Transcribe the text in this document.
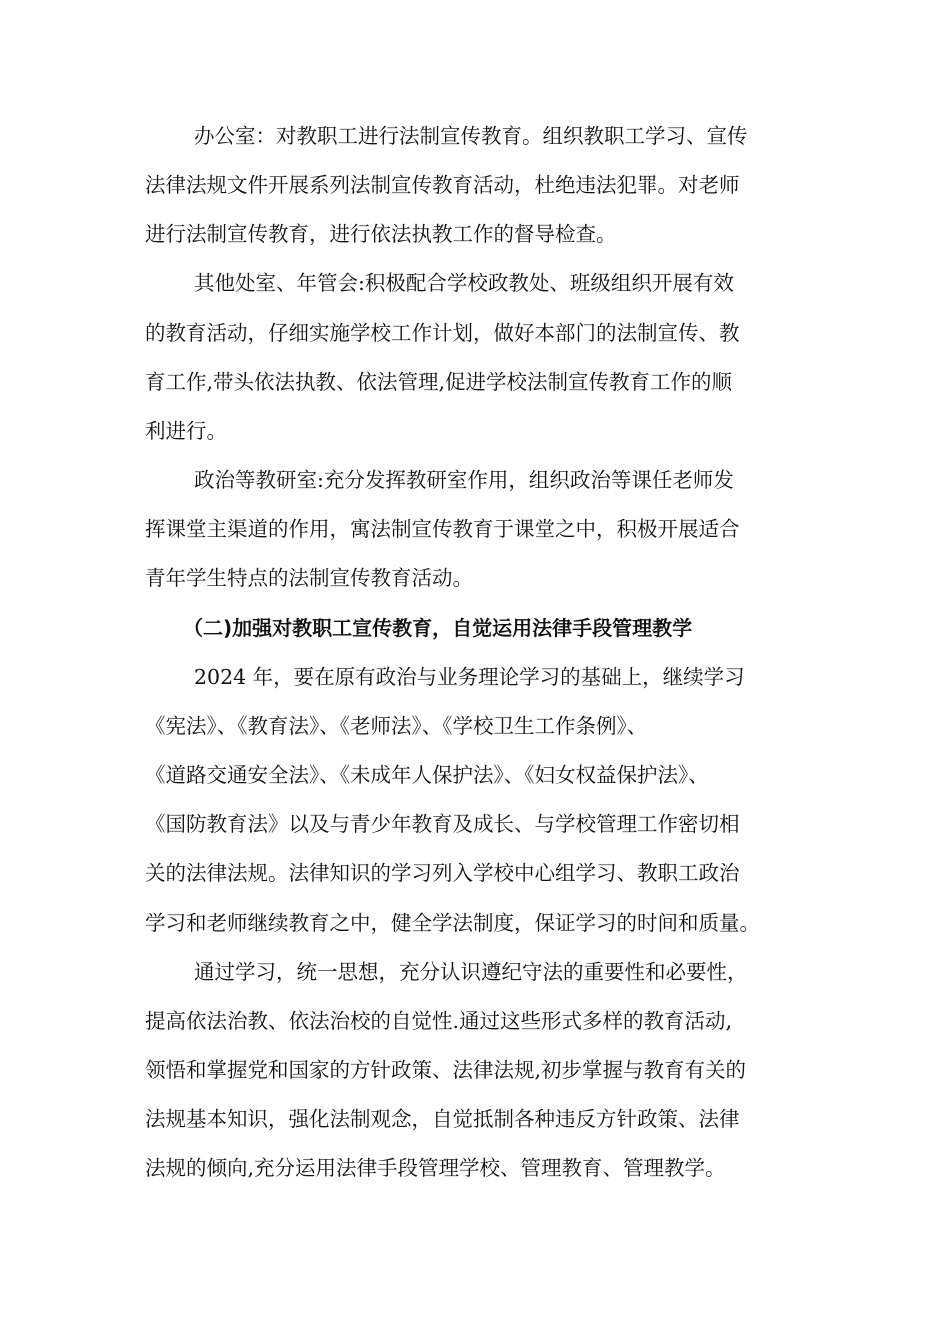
办公室：对教职工进行法制宣传教育。组织教职工学习、宣传
法律法规文件开展系列法制宣传教育活动，杜绝违法犯罪。对老师
进行法制宣传教育，进行依法执教工作的督导检查。
其他处室、年管会:积极配合学校政教处、班级组织开展有效
的教育活动，仔细实施学校工作计划，做好本部门的法制宣传、教
育工作,带头依法执教、依法管理,促进学校法制宣传教育工作的顺
利进行。
政治等教研室:充分发挥教研室作用，组织政治等课任老师发
挥课堂主渠道的作用，寓法制宣传教育于课堂之中，积极开展适合
青年学生特点的法制宣传教育活动。
（二)加强对教职工宣传教育，自觉运用法律手段管理教学
2024 年，要在原有政治与业务理论学习的基础上，继续学习
《宪法》、《教育法》、《老师法》、《学校卫生工作条例》、
《道路交通安全法》、《未成年人保护法》、《妇女权益保护法》、
《国防教育法》以及与青少年教育及成长、与学校管理工作密切相
关的法律法规。法律知识的学习列入学校中心组学习、教职工政治
学习和老师继续教育之中，健全学法制度，保证学习的时间和质量。
通过学习，统一思想，充分认识遵纪守法的重要性和必要性，
提高依法治教、依法治校的自觉性.通过这些形式多样的教育活动,
领悟和掌握党和国家的方针政策、法律法规,初步掌握与教育有关的
法规基本知识，强化法制观念，自觉抵制各种违反方针政策、法律
法规的倾向,充分运用法律手段管理学校、管理教育、管理教学。
